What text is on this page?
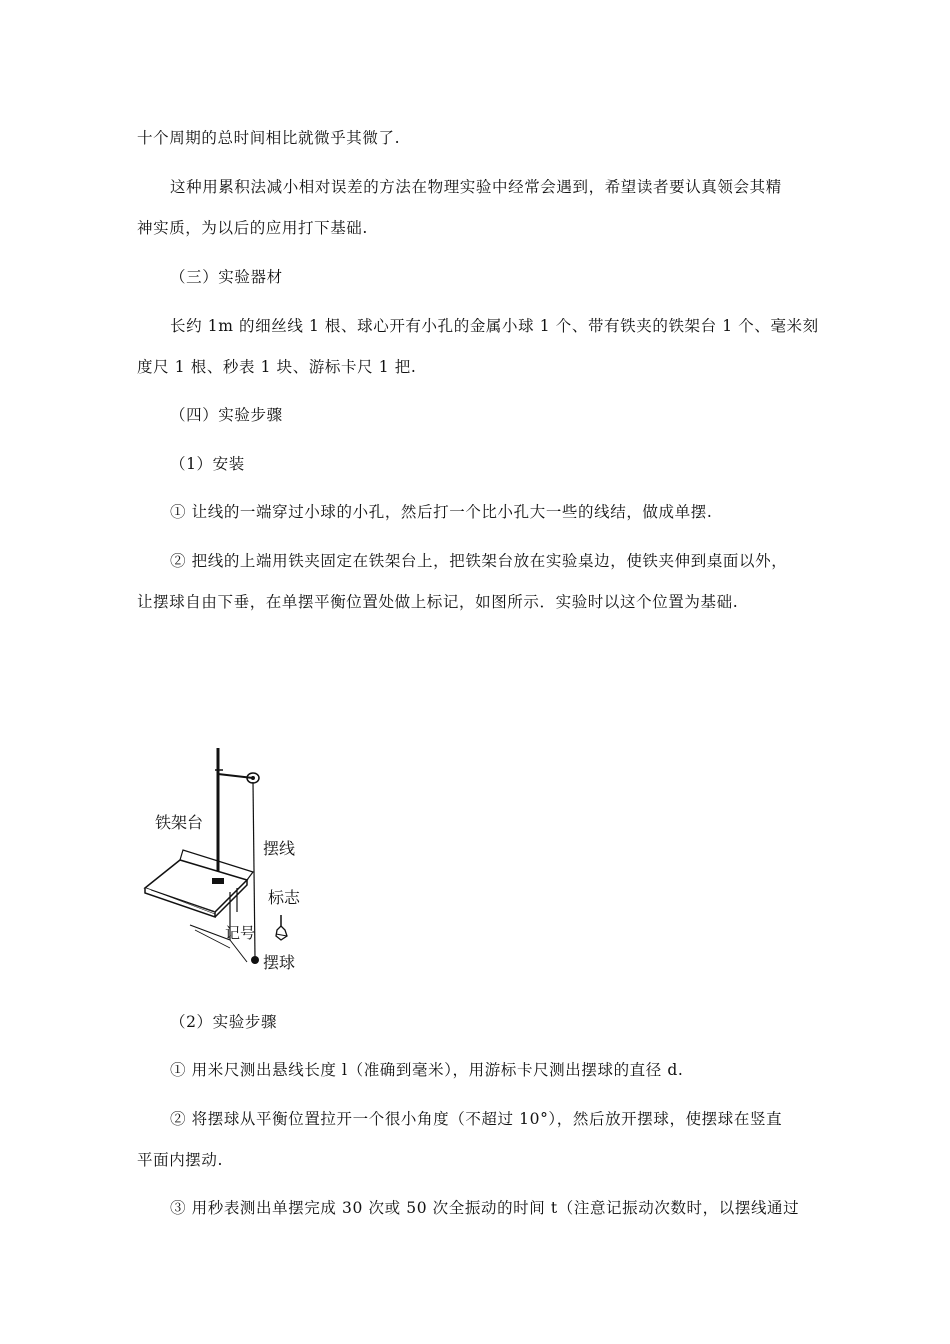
十个周期的总时间相比就微乎其微了.
这种用累积法减小相对误差的方法在物理实验中经常会遇到，希望读者要认真领会其精
神实质，为以后的应用打下基础.
（三）实验器材
长约 1m 的细丝线 1 根、球心开有小孔的金属小球 1 个、带有铁夹的铁架台 1 个、毫米刻
度尺 1 根、秒表 1 块、游标卡尺 1 把.
（四）实验步骤
（1）安装
① 让线的一端穿过小球的小孔，然后打一个比小孔大一些的线结，做成单摆.
② 把线的上端用铁夹固定在铁架台上，把铁架台放在实验桌边，使铁夹伸到桌面以外，
让摆球自由下垂，在单摆平衡位置处做上标记，如图所示．实验时以这个位置为基础.
铁架台
摆线
标志
记号
摆球
（2）实验步骤
① 用米尺测出悬线长度 l（准确到毫米），用游标卡尺测出摆球的直径 d.
② 将摆球从平衡位置拉开一个很小角度（不超过 10°），然后放开摆球，使摆球在竖直
平面内摆动.
③ 用秒表测出单摆完成 30 次或 50 次全振动的时间 t（注意记振动次数时，以摆线通过
